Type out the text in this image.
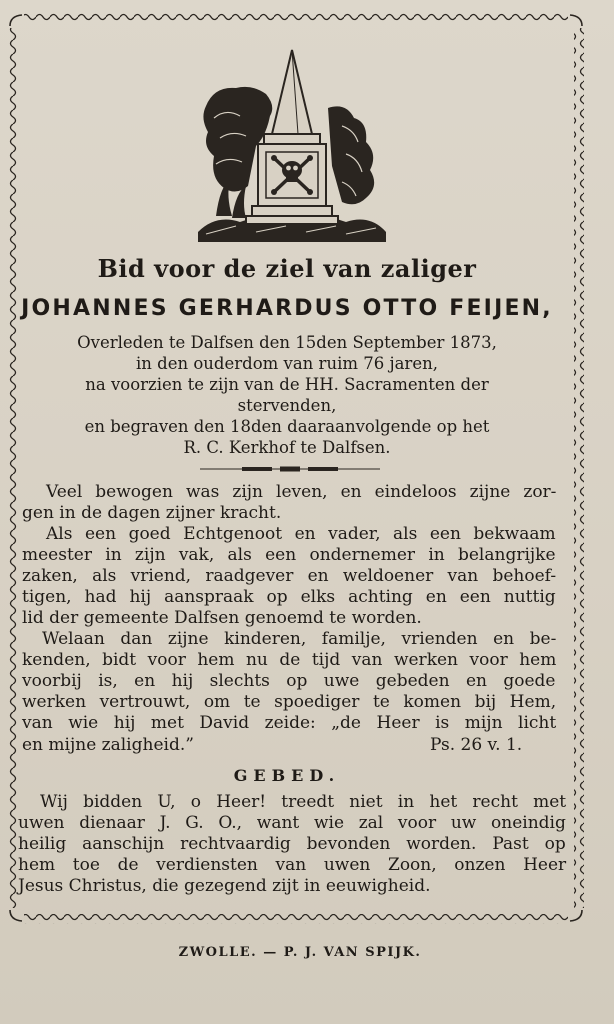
Bid voor de ziel van zaliger
JOHANNES GERHARDUS OTTO FEIJEN,
Overleden te Dalfsen den 15den September 1873,
in den ouderdom van ruim 76 jaren,
na voorzien te zijn van de HH. Sacramenten der
stervenden,
en begraven den 18den daaraanvolgende op het
R. C. Kerkhof te Dalfsen.
Veel bewogen was zijn leven, en eindeloos zijne zor-
gen in de dagen zijner kracht.
Als een goed Echtgenoot en vader, als een bekwaam
meester in zijn vak, als een ondernemer in belangrijke
zaken, als vriend, raadgever en weldoener van behoef-
tigen, had hij aanspraak op elks achting en een nuttig
lid der gemeente Dalfsen genoemd te worden.
Welaan dan zijne kinderen, familje, vrienden en be-
kenden, bidt voor hem nu de tijd van werken voor hem
voorbij is, en hij slechts op uwe gebeden en goede
werken vertrouwt, om te spoediger te komen bij Hem,
van wie hij met David zeide: „de Heer is mijn licht
en mijne zaligheid.”	Ps. 26 v. 1.
GEBED.
Wij bidden U, o Heer! treedt niet in het recht met
uwen dienaar J. G. O., want wie zal voor uw oneindig
heilig aanschijn rechtvaardig bevonden worden. Past op
hem toe de verdiensten van uwen Zoon, onzen Heer
Jesus Christus, die gezegend zijt in eeuwigheid.
ZWOLLE. — P. J. VAN SPIJK.
